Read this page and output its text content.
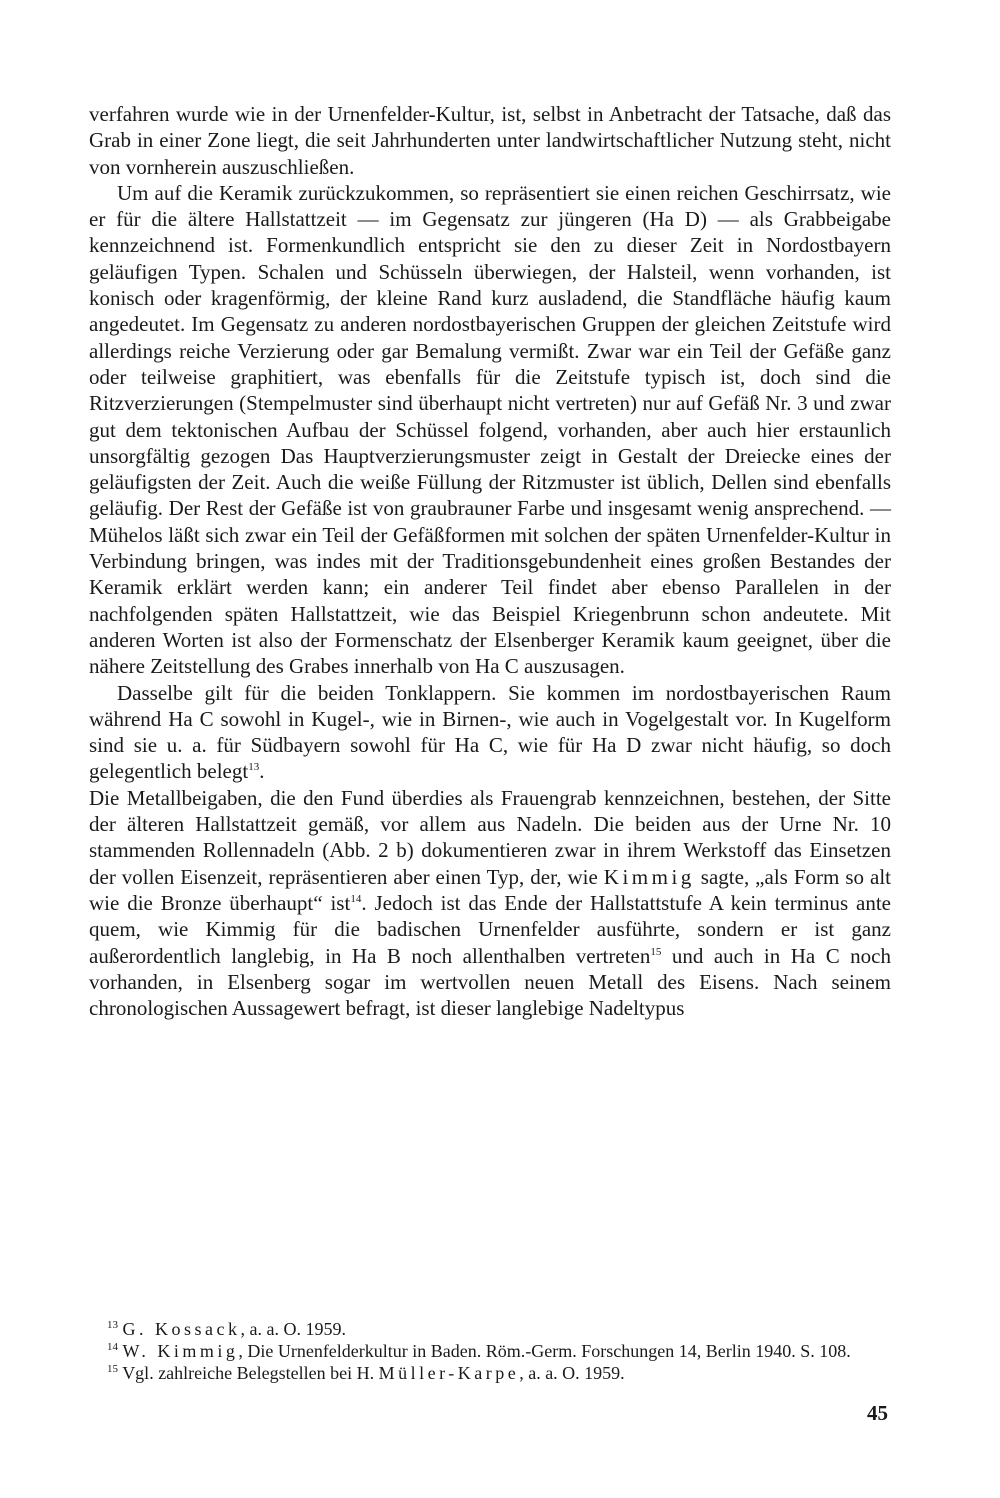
verfahren wurde wie in der Urnenfelder-Kultur, ist, selbst in Anbetracht der Tatsache, daß das Grab in einer Zone liegt, die seit Jahrhunderten unter landwirtschaftlicher Nutzung steht, nicht von vornherein auszuschließen.

Um auf die Keramik zurückzukommen, so repräsentiert sie einen reichen Geschirrsatz, wie er für die ältere Hallstattzeit — im Gegensatz zur jüngeren (Ha D) — als Grabbeigabe kennzeichnend ist. Formenkundlich entspricht sie den zu dieser Zeit in Nordostbayern geläufigen Typen. Schalen und Schüsseln überwiegen, der Halsteil, wenn vorhanden, ist konisch oder kragenförmig, der kleine Rand kurz ausladend, die Standfläche häufig kaum angedeutet. Im Gegensatz zu anderen nordostbayerischen Gruppen der gleichen Zeitstufe wird allerdings reiche Verzierung oder gar Bemalung vermißt. Zwar war ein Teil der Gefäße ganz oder teilweise graphitiert, was ebenfalls für die Zeitstufe typisch ist, doch sind die Ritzverzierungen (Stempelmuster sind überhaupt nicht vertreten) nur auf Gefäß Nr. 3 und zwar gut dem tektonischen Aufbau der Schüssel folgend, vorhanden, aber auch hier erstaunlich unsorgfältig gezogen Das Hauptverzierungsmuster zeigt in Gestalt der Dreiecke eines der geläufigsten der Zeit. Auch die weiße Füllung der Ritzmuster ist üblich, Dellen sind ebenfalls geläufig. Der Rest der Gefäße ist von graubrauner Farbe und insgesamt wenig ansprechend. — Mühelos läßt sich zwar ein Teil der Gefäßformen mit solchen der späten Urnenfelder-Kultur in Verbindung bringen, was indes mit der Traditionsgebundenheit eines großen Bestandes der Keramik erklärt werden kann; ein anderer Teil findet aber ebenso Parallelen in der nachfolgenden späten Hallstattzeit, wie das Beispiel Kriegenbrunn schon andeutete. Mit anderen Worten ist also der Formenschatz der Elsenberger Keramik kaum geeignet, über die nähere Zeitstellung des Grabes innerhalb von Ha C auszusagen.

Dasselbe gilt für die beiden Tonklappern. Sie kommen im nordostbayerischen Raum während Ha C sowohl in Kugel-, wie in Birnen-, wie auch in Vogelgestalt vor. In Kugelform sind sie u. a. für Südbayern sowohl für Ha C, wie für Ha D zwar nicht häufig, so doch gelegentlich belegt$^{13}$.

Die Metallbeigaben, die den Fund überdies als Frauengrab kennzeichnen, bestehen, der Sitte der älteren Hallstattzeit gemäß, vor allem aus Nadeln. Die beiden aus der Urne Nr. 10 stammenden Rollennadeln (Abb. 2 b) dokumentieren zwar in ihrem Werkstoff das Einsetzen der vollen Eisenzeit, repräsentieren aber einen Typ, der, wie Kimmig sagte, „als Form so alt wie die Bronze überhaupt“ ist$^{14}$. Jedoch ist das Ende der Hallstattstufe A kein terminus ante quem, wie Kimmig für die badischen Urnenfelder ausführte, sondern er ist ganz außerordentlich langlebig, in Ha B noch allenthalben vertreten$^{15}$ und auch in Ha C noch vorhanden, in Elsenberg sogar im wertvollen neuen Metall des Eisens. Nach seinem chronologischen Aussagewert befragt, ist dieser langlebige Nadeltypus

$^{13}$ G. Kossack, a. a. O. 1959.

$^{14}$ W. Kimmig, Die Urnenfelderkultur in Baden. Röm.-Germ. Forschungen 14, Berlin 1940. S. 108.

$^{15}$ Vgl. zahlreiche Belegstellen bei H. Müller-Karpe, a. a. O. 1959.

45
